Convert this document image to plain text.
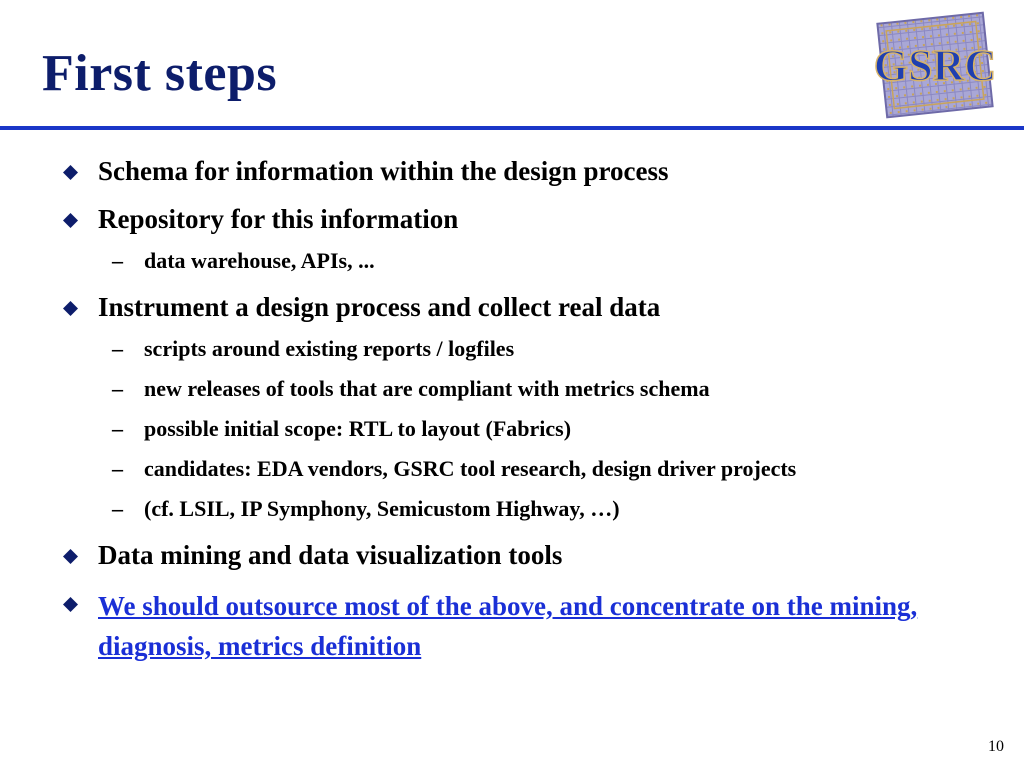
First steps	GSRC
Schema for information within the design process
Repository for this information
– data warehouse, APIs, ...
Instrument a design process and collect real data
– scripts around existing reports / logfiles
– new releases of tools that are compliant with metrics schema
– possible initial scope: RTL to layout (Fabrics)
– candidates: EDA vendors, GSRC tool research, design driver projects
– (cf. LSIL, IP Symphony, Semicustom Highway, …)
Data mining and data visualization tools
We should outsource most of the above, and concentrate on the mining, diagnosis, metrics definition
10
